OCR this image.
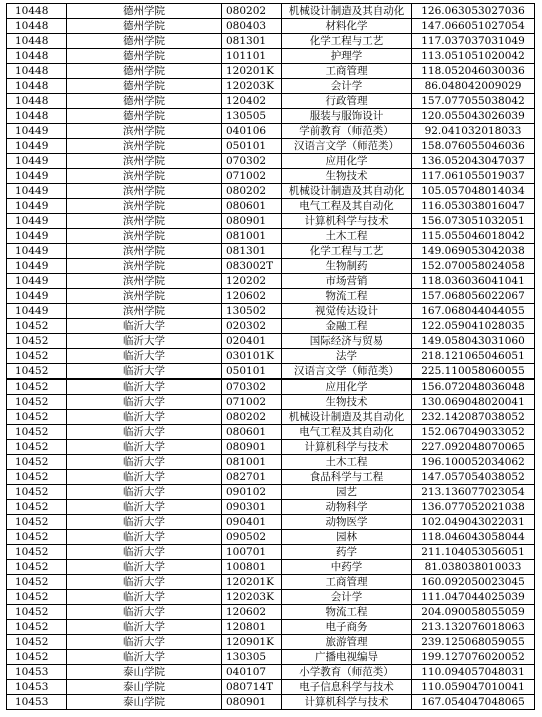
10448	德州学院	080202	机械设计制造及其自动化	126.063053027036
10448	德州学院	080403	材料化学	147.066051027054
10448	德州学院	081301	化学工程与工艺	117.037037031049
10448	德州学院	101101	护理学	113.051051020042
10448	德州学院	120201K	工商管理	118.052046030036
10448	德州学院	120203K	会计学	86.048042009029
10448	德州学院	120402	行政管理	157.077055038042
10448	德州学院	130505	服装与服饰设计	120.055043026039
10449	滨州学院	040106	学前教育（师范类）	92.041032018033
10449	滨州学院	050101	汉语言文学（师范类）	158.076055046036
10449	滨州学院	070302	应用化学	136.052043047037
10449	滨州学院	071002	生物技术	117.061055019037
10449	滨州学院	080202	机械设计制造及其自动化	105.057048014034
10449	滨州学院	080601	电气工程及其自动化	116.053038016047
10449	滨州学院	080901	计算机科学与技术	156.073051032051
10449	滨州学院	081001	土木工程	115.055046018042
10449	滨州学院	081301	化学工程与工艺	149.069053042038
10449	滨州学院	083002T	生物制药	152.070058024058
10449	滨州学院	120202	市场营销	118.036036041041
10449	滨州学院	120602	物流工程	157.068056022067
10449	滨州学院	130502	视觉传达设计	167.068044044055
10452	临沂大学	020302	金融工程	122.059041028035
10452	临沂大学	020401	国际经济与贸易	149.058043031060
10452	临沂大学	030101K	法学	218.121065046051
10452	临沂大学	050101	汉语言文学（师范类）	225.110058060055
10452	临沂大学	070302	应用化学	156.072048036048
10452	临沂大学	071002	生物技术	130.069048020041
10452	临沂大学	080202	机械设计制造及其自动化	232.142087038052
10452	临沂大学	080601	电气工程及其自动化	152.067049033052
10452	临沂大学	080901	计算机科学与技术	227.092048070065
10452	临沂大学	081001	土木工程	196.100052034062
10452	临沂大学	082701	食品科学与工程	147.057054038052
10452	临沂大学	090102	园艺	213.136077023054
10452	临沂大学	090301	动物科学	136.077052021038
10452	临沂大学	090401	动物医学	102.049043022031
10452	临沂大学	090502	园林	118.046043058044
10452	临沂大学	100701	药学	211.104053056051
10452	临沂大学	100801	中药学	81.038038010033
10452	临沂大学	120201K	工商管理	160.092050023045
10452	临沂大学	120203K	会计学	111.047044025039
10452	临沂大学	120602	物流工程	204.090058055059
10452	临沂大学	120801	电子商务	213.132076018063
10452	临沂大学	120901K	旅游管理	239.125068059055
10452	临沂大学	130305	广播电视编导	199.127076020052
10453	泰山学院	040107	小学教育（师范类）	110.094057048031
10453	泰山学院	080714T	电子信息科学与技术	110.059047010041
10453	泰山学院	080901	计算机科学与技术	167.054047048065
